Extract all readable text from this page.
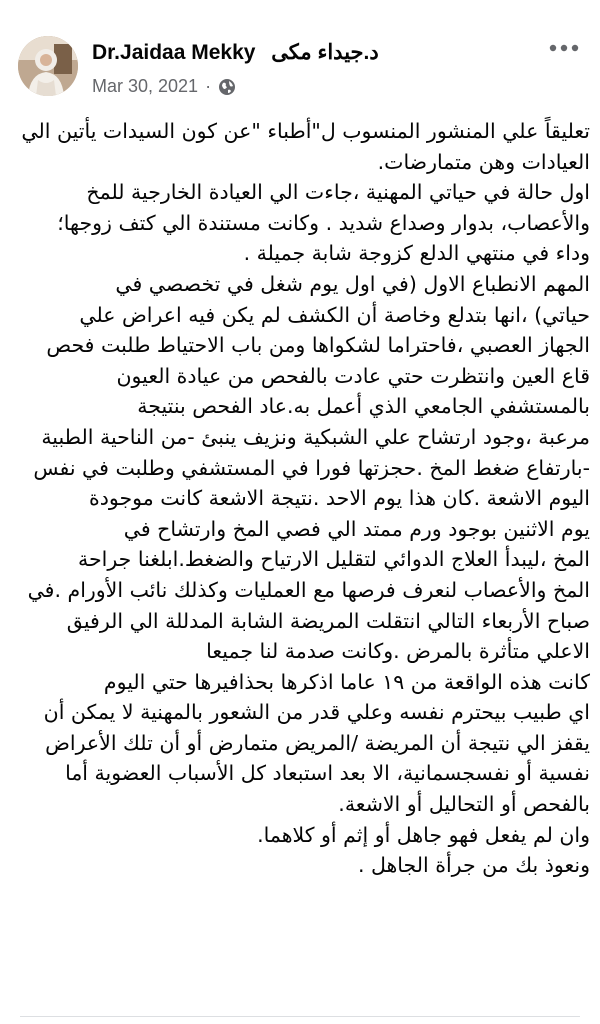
Dr.Jaidaa Mekky د.جيداء مكى
Mar 30, 2021 ·
تعليقاً علي المنشور المنسوب ل"أطباء "عن كون السيدات يأتين الي
العيادات وهن متمارضات.
اول حالة في حياتي المهنية ،جاءت الي العيادة الخارجية للمخ
والأعصاب، بدوار وصداع شديد . وكانت مستندة الي كتف زوجها؛
وداء في منتهي الدلع كزوجة شابة جميلة .
المهم الانطباع الاول (في اول يوم شغل في تخصصي في
حياتي) ،انها بتدلع وخاصة أن الكشف لم يكن فيه اعراض علي
الجهاز العصبي ،فاحتراما لشكواها ومن باب الاحتياط طلبت فحص
قاع العين وانتظرت حتي عادت بالفحص من عيادة العيون
بالمستشفي الجامعي الذي أعمل به.عاد الفحص بنتيجة
مرعبة ،وجود ارتشاح علي الشبكية ونزيف ينبئ -من الناحية الطبية
-بارتفاع ضغط المخ .حجزتها فورا في المستشفي وطلبت في نفس
اليوم الاشعة .كان هذا يوم الاحد .نتيجة الاشعة كانت موجودة
يوم الاثنين بوجود ورم ممتد الي فصي المخ وارتشاح في
المخ ،ليبدأ العلاج الدوائي لتقليل الارتياح والضغط.ابلغنا جراحة
المخ والأعصاب لنعرف فرصها مع العمليات وكذلك نائب الأورام .في
صباح الأربعاء التالي انتقلت المريضة الشابة المدللة الي الرفيق
الاعلي متأثرة بالمرض .وكانت صدمة لنا جميعا
كانت هذه الواقعة من ١٩ عاما اذكرها بحذافيرها حتي اليوم
اي طبيب بيحترم نفسه وعلي قدر من الشعور بالمهنية لا يمكن أن
يقفز الي نتيجة أن المريضة /المريض متمارض أو أن تلك الأعراض
نفسية أو نفسجسمانية، الا بعد استبعاد كل الأسباب العضوية أما
بالفحص أو التحاليل أو الاشعة.
وان لم يفعل فهو جاهل أو إثم أو كلاهما.
ونعوذ بك من جرأة الجاهل .
